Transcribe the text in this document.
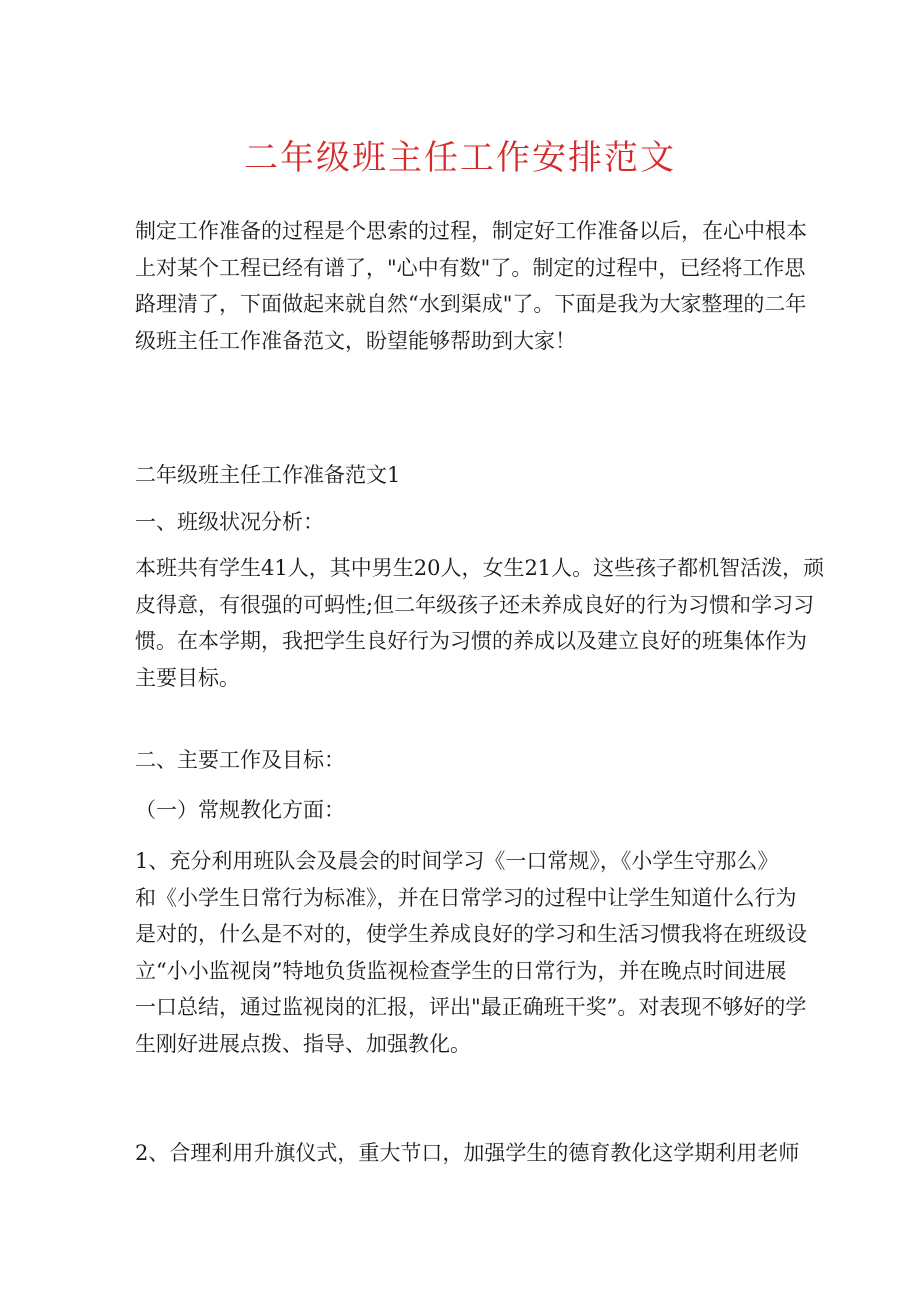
二年级班主任工作安排范文
制定工作准备的过程是个思索的过程，制定好工作准备以后，在心中根本
上对某个工程已经有谱了，"心中有数"了。制定的过程中，已经将工作思
路理清了，下面做起来就自然“水到渠成"了。下面是我为大家整理的二年
级班主任工作准备范文，盼望能够帮助到大家！
二年级班主任工作准备范文1
一、班级状况分析：
本班共有学生41人，其中男生20人，女生21人。这些孩子都机智活泼，顽
皮得意，有很强的可蚂性;但二年级孩子还未养成良好的行为习惯和学习习
惯。在本学期，我把学生良好行为习惯的养成以及建立良好的班集体作为
主要目标。
二、主要工作及目标：
（一）常规教化方面：
1、充分利用班队会及晨会的时间学习《一口常规》，《小学生守那么》
和《小学生日常行为标准》，并在日常学习的过程中让学生知道什么行为
是对的，什么是不对的，使学生养成良好的学习和生活习惯我将在班级设
立“小小监视岗”特地负货监视检查学生的日常行为，并在晚点时间进展
一口总结，通过监视岗的汇报，评出"最正确班干奖”。对表现不够好的学
生刚好进展点拨、指导、加强教化。
2、合理利用升旗仪式，重大节口，加强学生的德育教化这学期利用老师
